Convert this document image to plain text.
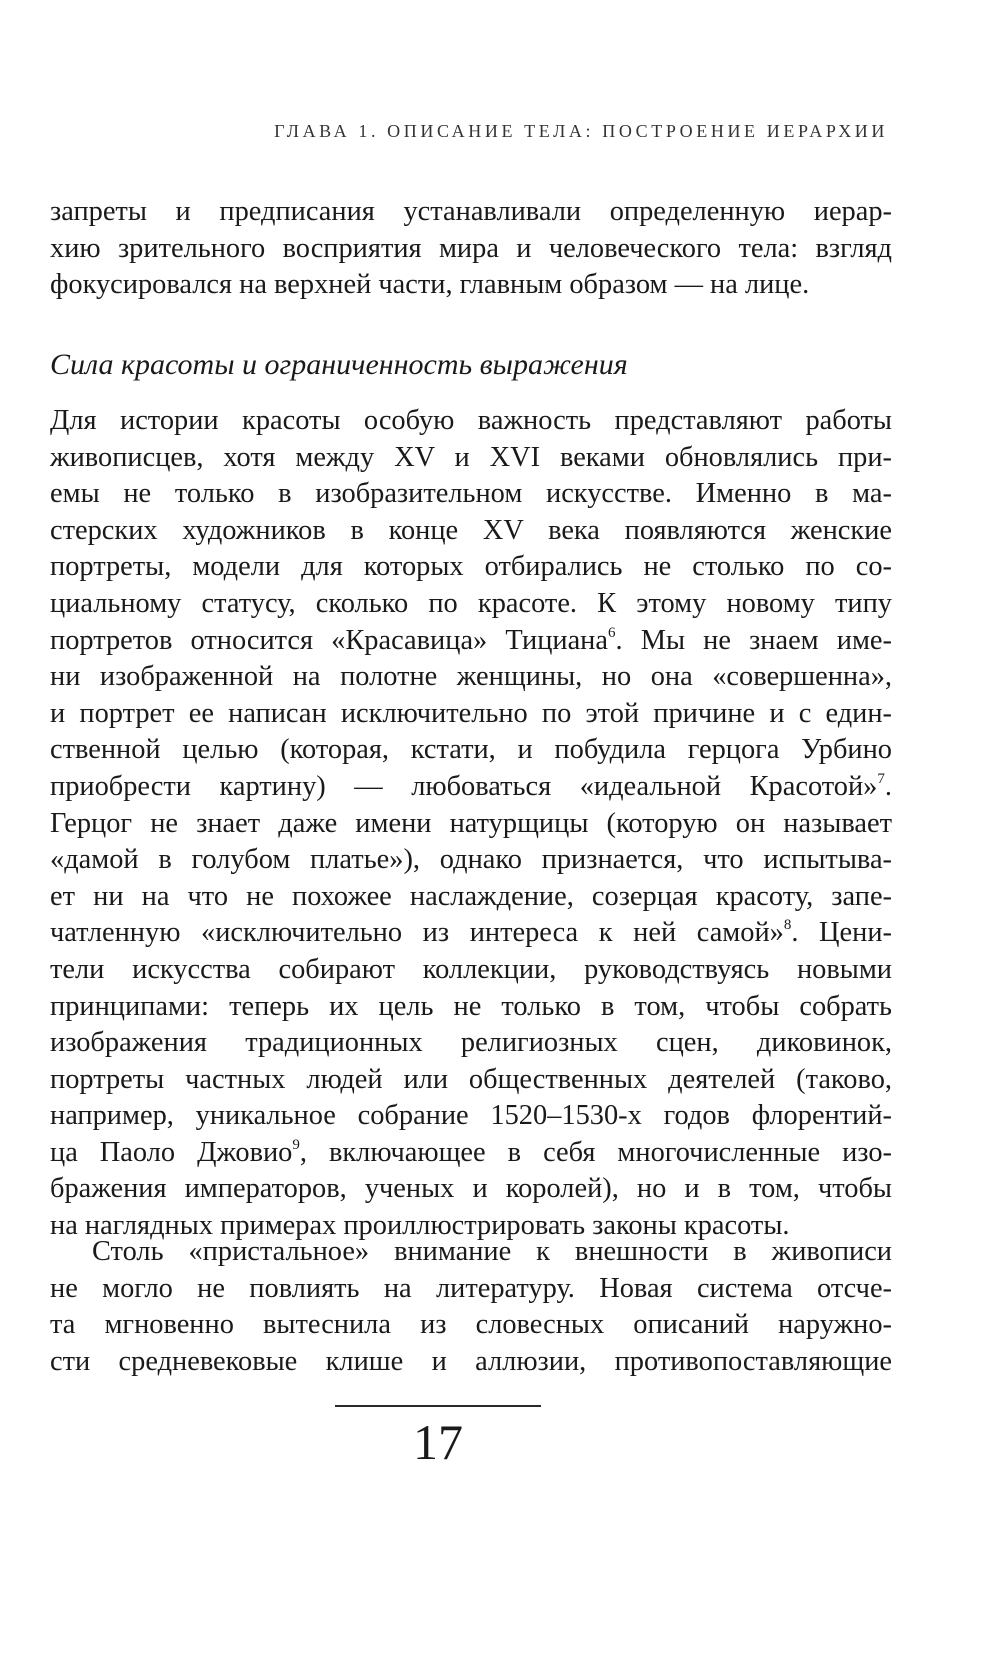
ГЛАВА 1. ОПИСАНИЕ ТЕЛА: ПОСТРОЕНИЕ ИЕРАРХИИ
запреты и предписания устанавливали определенную иерар-
хию зрительного восприятия мира и человеческого тела: взгляд
фокусировался на верхней части, главным образом — на лице.
Сила красоты и ограниченность выражения
Для истории красоты особую важность представляют работы
живописцев, хотя между XV и XVI веками обновлялись при-
емы не только в изобразительном искусстве. Именно в ма-
стерских художников в конце XV века появляются женские
портреты, модели для которых отбирались не столько по со-
циальному статусу, сколько по красоте. К этому новому типу
портретов относится «Красавица» Тициана$^6$. Мы не знаем име-
ни изображенной на полотне женщины, но она «совершенна»,
и портрет ее написан исключительно по этой причине и с един-
ственной целью (которая, кстати, и побудила герцога Урбино
приобрести картину) — любоваться «идеальной Красотой»$^7$.
Герцог не знает даже имени натурщицы (которую он называет
«дамой в голубом платье»), однако признается, что испытыва-
ет ни на что не похожее наслаждение, созерцая красоту, запе-
чатленную «исключительно из интереса к ней самой»$^8$. Цени-
тели искусства собирают коллекции, руководствуясь новыми
принципами: теперь их цель не только в том, чтобы собрать
изображения традиционных религиозных сцен, диковинок,
портреты частных людей или общественных деятелей (таково,
например, уникальное собрание 1520–1530-х годов флорентий-
ца Паоло Джовио$^9$, включающее в себя многочисленные изо-
бражения императоров, ученых и королей), но и в том, чтобы
на наглядных примерах проиллюстрировать законы красоты.
Столь «пристальное» внимание к внешности в живописи
не могло не повлиять на литературу. Новая система отсче-
та мгновенно вытеснила из словесных описаний наружно-
сти средневековые клише и аллюзии, противопоставляющие
17
